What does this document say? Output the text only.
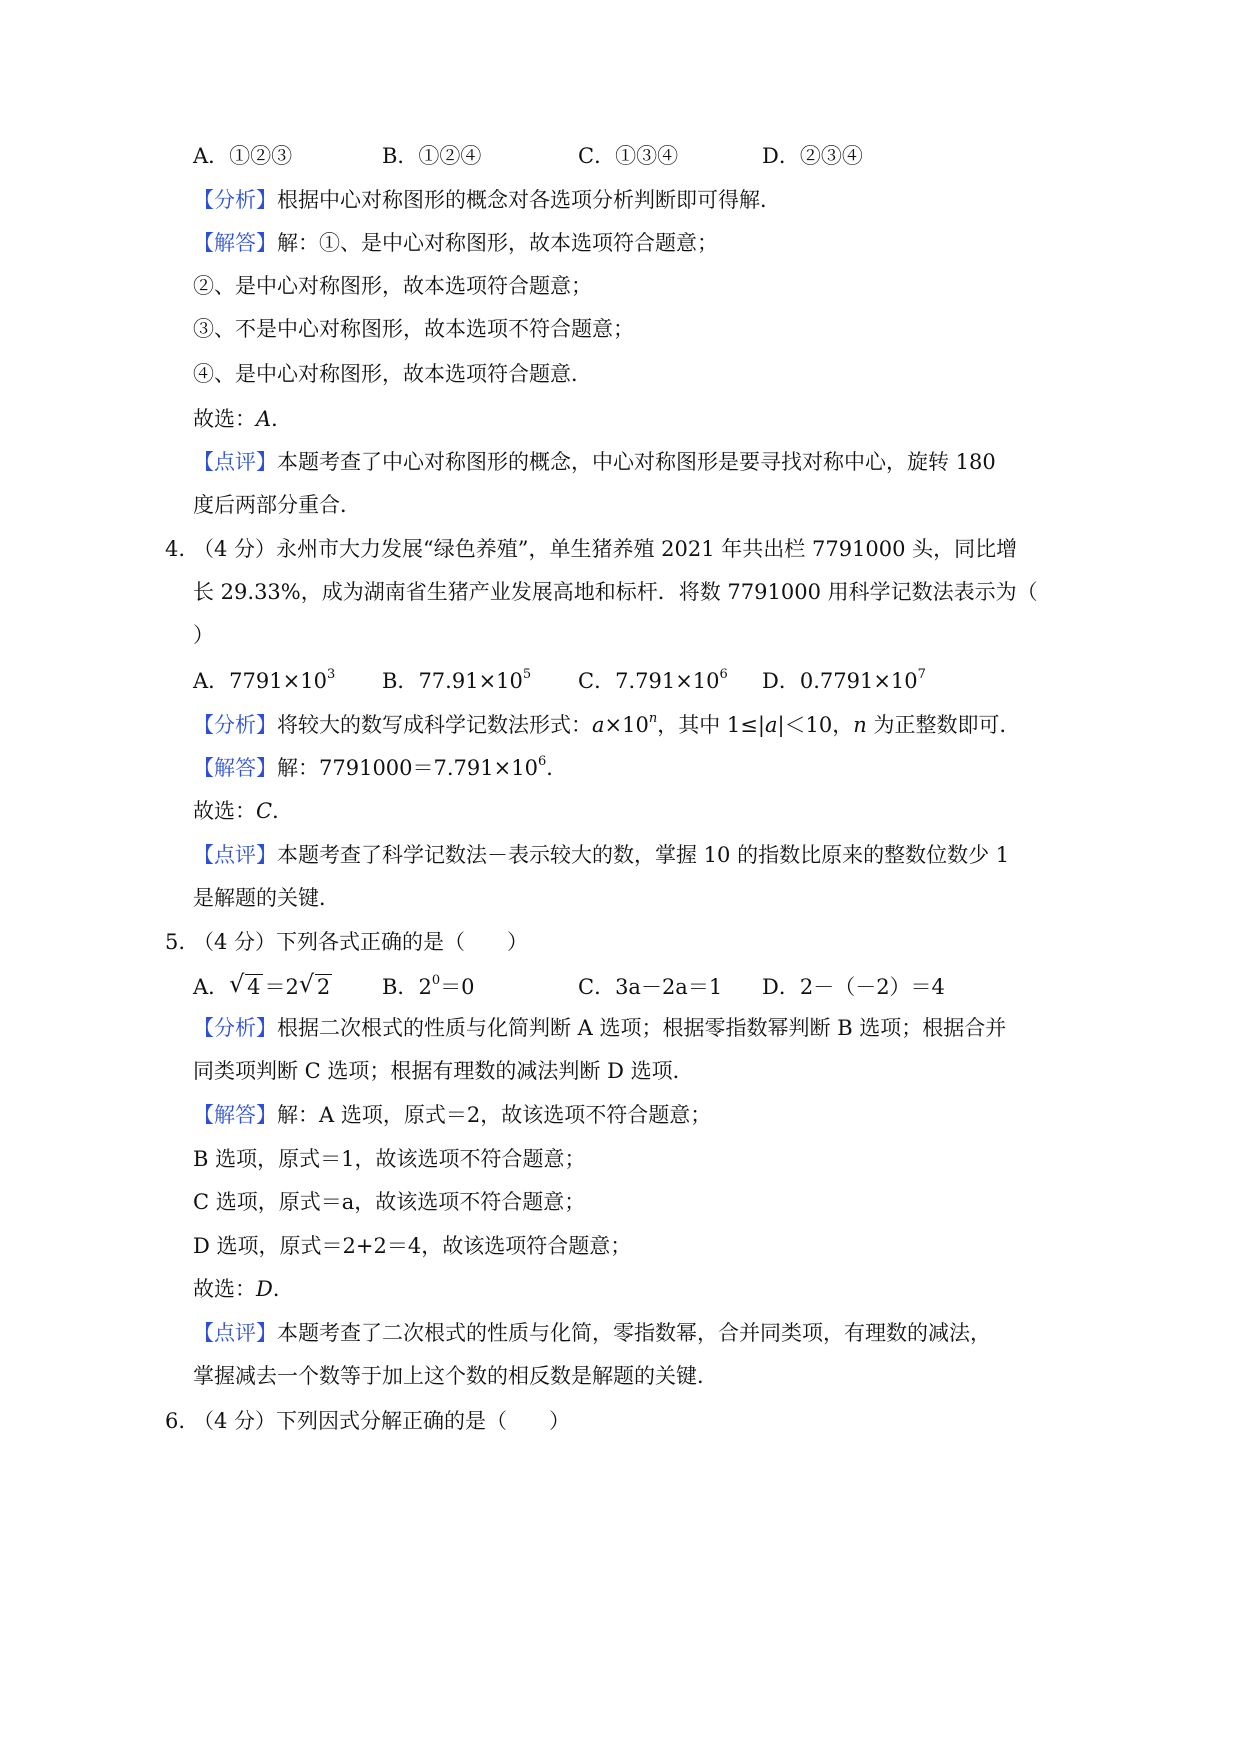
A．①②③	B．①②④	C．①③④	D．②③④
【分析】根据中心对称图形的概念对各选项分析判断即可得解．
【解答】解：①、是中心对称图形，故本选项符合题意；
②、是中心对称图形，故本选项符合题意；
③、不是中心对称图形，故本选项不符合题意；
④、是中心对称图形，故本选项符合题意．
故选：A．
【点评】本题考查了中心对称图形的概念，中心对称图形是要寻找对称中心，旋转 180
度后两部分重合．
4. （4 分）永州市大力发展“绿色养殖”，单生猪养殖 2021 年共出栏 7791000 头，同比增
长 29.33%，成为湖南省生猪产业发展高地和标杆．将数 7791000 用科学记数法表示为（
）
A．$7791\times 10^3$ B．$77.91\times 10^5$ C．$7.791\times 10^6$ D．$0.7791\times 10^7$
【分析】将较大的数写成科学记数法形式：$a\times 10^n$，其中 1≤|a|＜10，n 为正整数即可．
【解答】解：$7791000=7.791\times 10^6$．
故选：C．
【点评】本题考查了科学记数法－表示较大的数，掌握 10 的指数比原来的整数位数少 1
是解题的关键．
5. （4 分）下列各式正确的是（　　）
A． √ 4 ＝2 √ 2 B．$2^0=0$	C．3a－2a＝1 D．2－（－2）＝4
【分析】根据二次根式的性质与化简判断 A 选项；根据零指数幂判断 B 选项；根据合并
同类项判断 C 选项；根据有理数的减法判断 D 选项．
【解答】解：A 选项，原式＝2，故该选项不符合题意；
B 选项，原式＝1，故该选项不符合题意；
C 选项，原式＝a，故该选项不符合题意；
D 选项，原式＝2+2＝4，故该选项符合题意；
故选：D．
【点评】本题考查了二次根式的性质与化简，零指数幂，合并同类项，有理数的减法，
掌握减去一个数等于加上这个数的相反数是解题的关键．
6. （4 分）下列因式分解正确的是（　　）
